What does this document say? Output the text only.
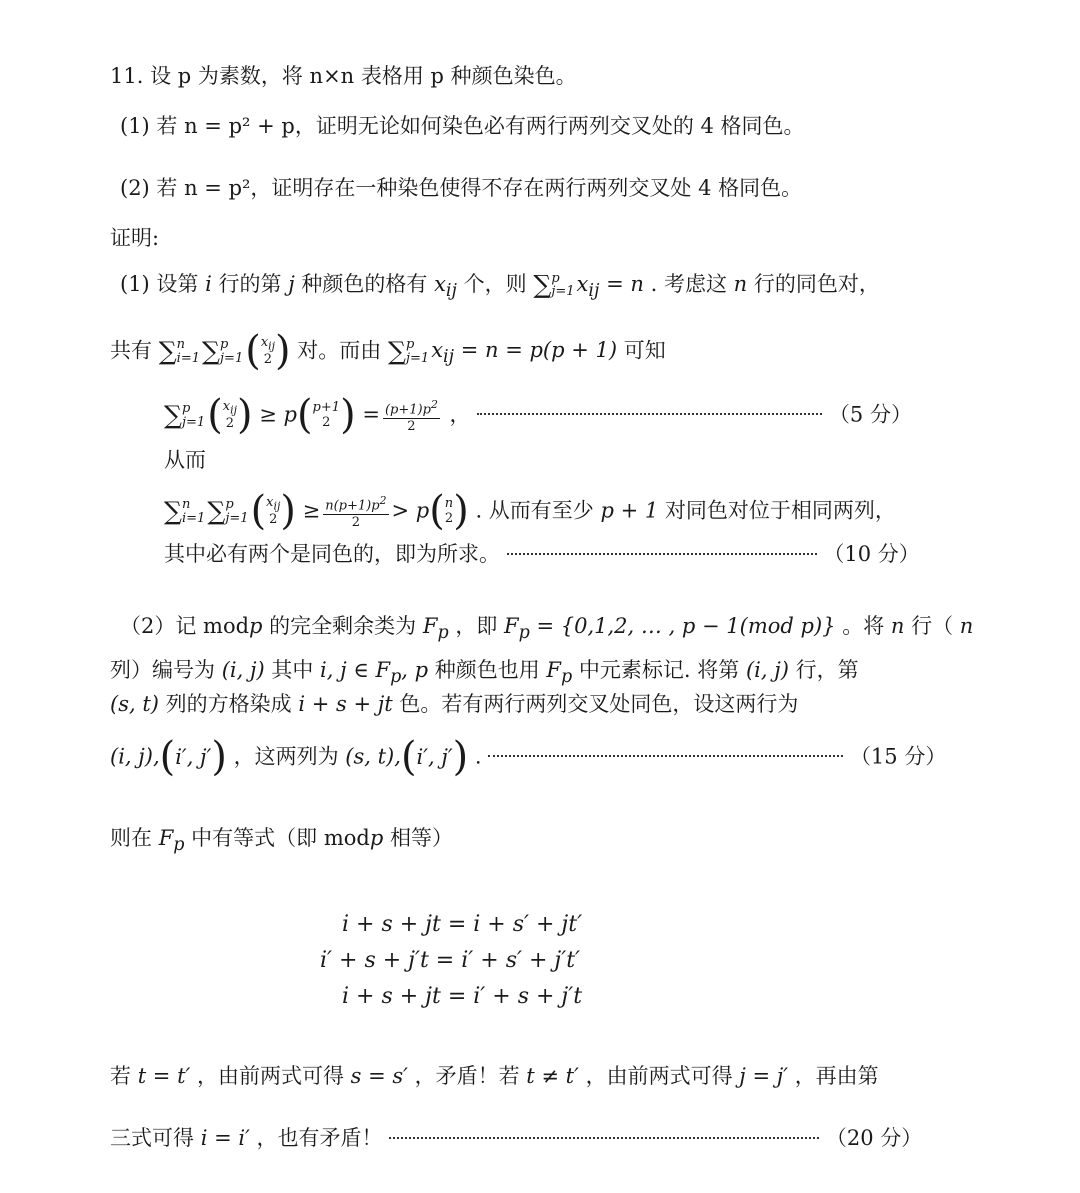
11. 设 p 为素数，将 n×n 表格用 p 种颜色染色。
(1) 若 n = p² + p，证明无论如何染色必有两行两列交叉处的 4 格同色。
(2) 若 n = p²，证明存在一种染色使得不存在两行两列交叉处 4 格同色。
证明:
(1) 设第 i 行的第 j 种颜色的格有 $x_{ij}$ 个，则 ∑ p
j=1 $x_{ij} = n$ . 考虑这 n 行的同色对，
共有 ∑ n
i=1 ∑ p
j=1 ( $x_{ij}$
2 ) 对。而由 ∑ p
j=1 $x_{ij} = n = p(p + 1)$ 可知
∑ p
j=1 ( $x_{ij}$
2 ) ≥ p ( p+1
2 ) = $\frac{(p+1)p^2}{2}$ ，	（5 分）
从而
∑ n
i=1 ∑ p
j=1 ( $x_{ij}$
2 ) ≥ $\frac{n(p+1)p^2}{2} > p$ ( n
2 ) . 从而有至少 p + 1 对同色对位于相同两列，
其中必有两个是同色的，即为所求。	（10 分）
（2）记 modp 的完全剩余类为 $F_p$ ，即 $F_p = \{0,1,2$, … , p − 1(mod p)} 。将 n 行（ n
列）编号为 (i, j) 其中 i, j ∈ $F_p$, p 种颜色也用 $F_p$ 中元素标记. 将第 (i, j) 行，第
(s, t) 列的方格染成 i + s + jt 色。若有两行两列交叉处同色，设这两行为
(i, j), ( i′, j′ ) ，这两列为 (s, t), ( i′, j′ ) .	（15 分）
则在 $F_p$ 中有等式（即 modp 相等）
i + s + jt = i + s′ + jt′
i′ + s + j′t = i′ + s′ + j′t′
i + s + jt = i′ + s + j′t
若 t = t′ ，由前两式可得 s = s′ ，矛盾！若 t ≠ t′ ，由前两式可得 j = j′ ，再由第
三式可得 i = i′ ，也有矛盾！	（20 分）
